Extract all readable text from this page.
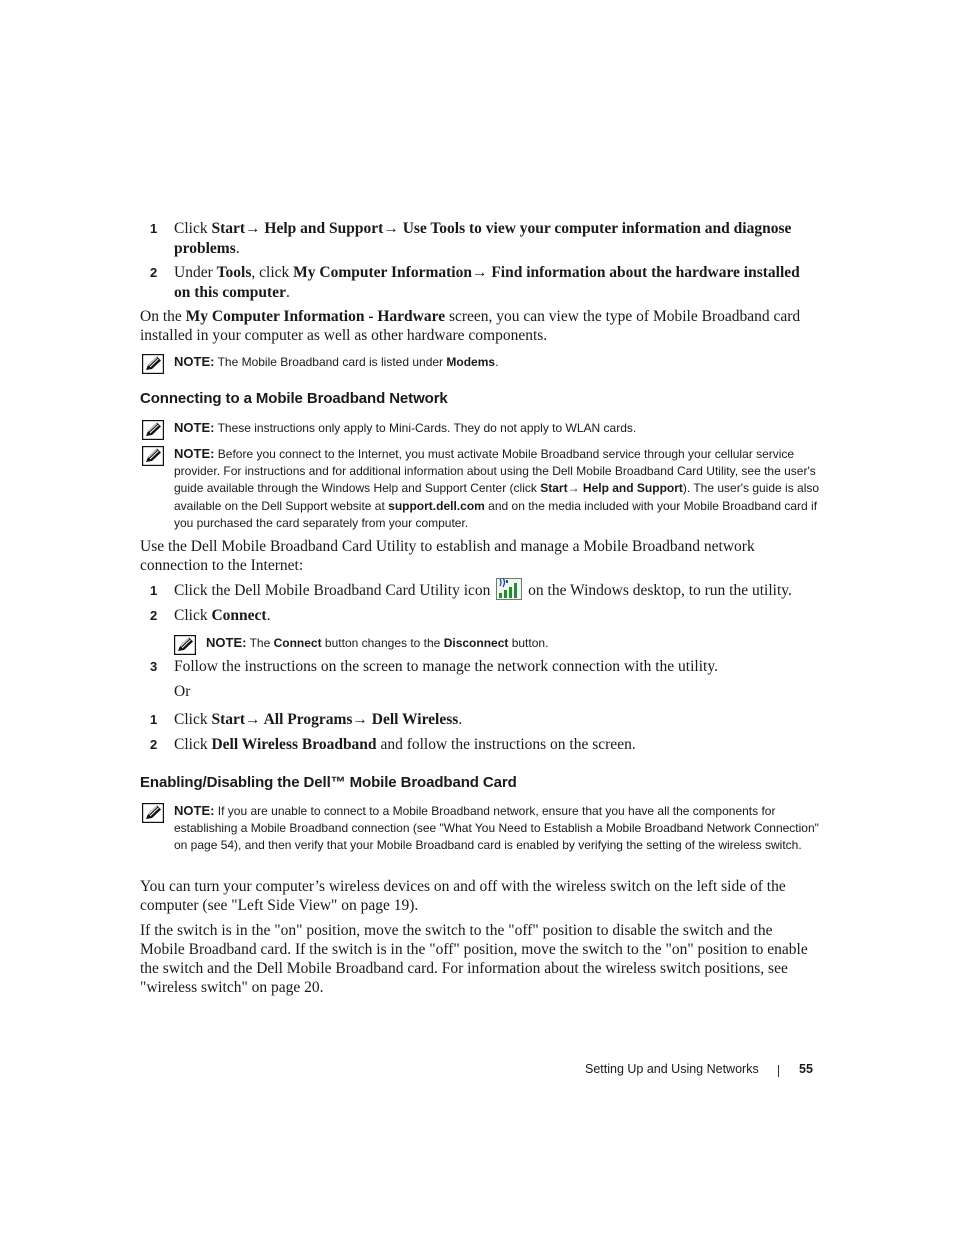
1 Click Start→ Help and Support→ Use Tools to view your computer information and diagnose problems.
2 Under Tools, click My Computer Information→ Find information about the hardware installed on this computer.

On the My Computer Information - Hardware screen, you can view the type of Mobile Broadband card installed in your computer as well as other hardware components.

NOTE: The Mobile Broadband card is listed under Modems.
Connecting to a Mobile Broadband Network
NOTE: These instructions only apply to Mini-Cards. They do not apply to WLAN cards.
NOTE: Before you connect to the Internet, you must activate Mobile Broadband service through your cellular service provider. For instructions and for additional information about using the Dell Mobile Broadband Card Utility, see the user's guide available through the Windows Help and Support Center (click Start→ Help and Support). The user's guide is also available on the Dell Support website at support.dell.com and on the media included with your Mobile Broadband card if you purchased the card separately from your computer.

Use the Dell Mobile Broadband Card Utility to establish and manage a Mobile Broadband network connection to the Internet:

1 Click the Dell Mobile Broadband Card Utility icon  on the Windows desktop, to run the utility.
2 Click Connect.
NOTE: The Connect button changes to the Disconnect button.
3 Follow the instructions on the screen to manage the network connection with the utility.
Or
1 Click Start→ All Programs→ Dell Wireless.
2 Click Dell Wireless Broadband and follow the instructions on the screen.
Enabling/Disabling the Dell™ Mobile Broadband Card
NOTE: If you are unable to connect to a Mobile Broadband network, ensure that you have all the components for establishing a Mobile Broadband connection (see "What You Need to Establish a Mobile Broadband Network Connection" on page 54), and then verify that your Mobile Broadband card is enabled by verifying the setting of the wireless switch.

You can turn your computer’s wireless devices on and off with the wireless switch on the left side of the computer (see "Left Side View" on page 19).

If the switch is in the "on" position, move the switch to the "off" position to disable the switch and the Mobile Broadband card. If the switch is in the "off" position, move the switch to the "on" position to enable the switch and the Dell Mobile Broadband card. For information about the wireless switch positions, see "wireless switch" on page 20.

Setting Up and Using Networks	55
